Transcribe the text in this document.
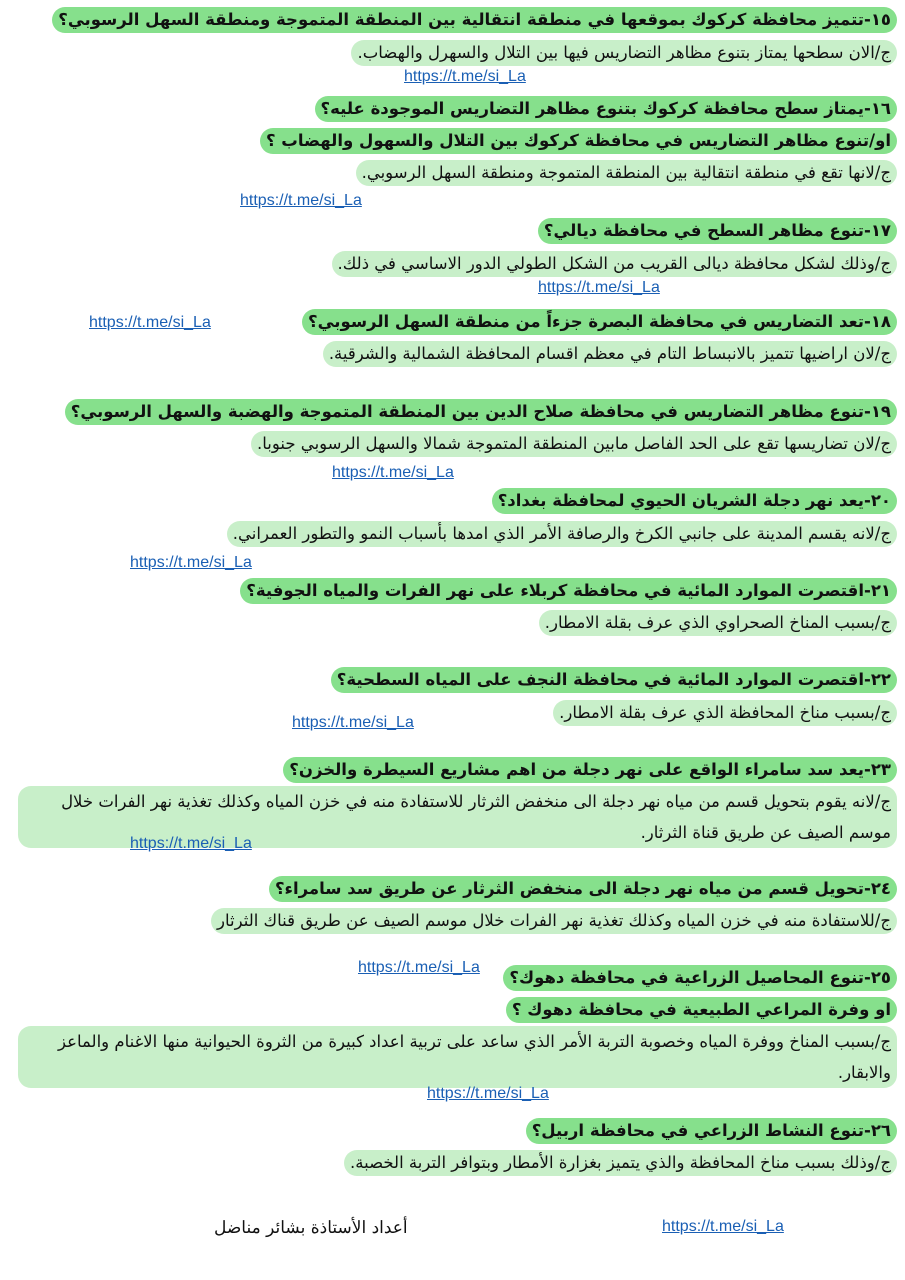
١٥-تتميز محافظة كركوك بموقعها في منطقة انتقالية بين المنطقة المتموجة ومنطقة السهل الرسوبي؟
ج/الان سطحها يمتاز بتنوع مظاهر التضاريس فيها بين التلال والسهرل والهضاب.
https://t.me/si_La
١٦-يمتاز سطح محافظة كركوك بتنوع مظاهر التضاريس الموجودة عليه؟
او/تنوع مظاهر التضاريس في محافظة كركوك بين التلال والسهول والهضاب ؟
ج/لانها تقع في منطقة انتقالية بين المنطقة المتموجة ومنطقة السهل الرسوبي.
https://t.me/si_La
١٧-تنوع مظاهر السطح في محافظة ديالي؟
ج/وذلك لشكل محافظة ديالى القريب من الشكل الطولي الدور الاساسي في ذلك.
https://t.me/si_La
https://t.me/si_La	١٨-تعد التضاريس في محافظة البصرة جزءاً من منطقة السهل الرسوبي؟
ج/لان اراضيها تتميز بالانبساط التام في معظم اقسام المحافظة الشمالية والشرقية.
١٩-تنوع مظاهر التضاريس في محافظة صلاح الدين بين المنطقة المتموجة والهضبة والسهل الرسوبي؟
ج/لان تضاريسها تقع على الحد الفاصل مابين المنطقة المتموجة شمالا والسهل الرسوبي جنوبا.
https://t.me/si_La
٢٠-يعد نهر دجلة الشريان الحيوي لمحافظة بغداد؟
ج/لانه يقسم المدينة على جانبي الكرخ والرصافة الأمر الذي امدها بأسباب النمو والتطور العمراني.
https://t.me/si_La
٢١-اقتصرت الموارد المائية في محافظة كربلاء على نهر الفرات والمياه الجوفية؟
ج/بسبب المناخ الصحراوي الذي عرف بقلة الامطار.
٢٢-اقتصرت الموارد المائية في محافظة النجف على المياه السطحية؟
ج/بسبب مناخ المحافظة الذي عرف بقلة الامطار.
https://t.me/si_La
٢٣-يعد سد سامراء الواقع على نهر دجلة من اهم مشاريع السيطرة والخزن؟
ج/لانه يقوم بتحويل قسم من مياه نهر دجلة الى منخفض الثرثار للاستفادة منه في خزن المياه وكذلك تغذية نهر الفرات خلال موسم الصيف عن طريق قناة الثرثار.
https://t.me/si_La
٢٤-تحويل قسم من مياه نهر دجلة الى منخفض الثرثار عن طريق سد سامراء؟
ج/للاستفادة منه في خزن المياه وكذلك تغذية نهر الفرات خلال موسم الصيف عن طريق قناك الثرثار
https://t.me/si_La
٢٥-تنوع المحاصيل الزراعية في محافظة دهوك؟
او وفرة المراعي الطبيعية في محافظة دهوك ؟
ج/بسبب المناخ ووفرة المياه وخصوبة التربة الأمر الذي ساعد على تربية اعداد كبيرة من الثروة الحيوانية منها الاغنام والماعز والابقار.
https://t.me/si_La
٢٦-تنوع النشاط الزراعي في محافظة اربيل؟
ج/وذلك بسبب مناخ المحافظة والذي يتميز بغزارة الأمطار وبتوافر التربة الخصبة.
أعداد الأستاذة بشائر مناضل	https://t.me/si_La
